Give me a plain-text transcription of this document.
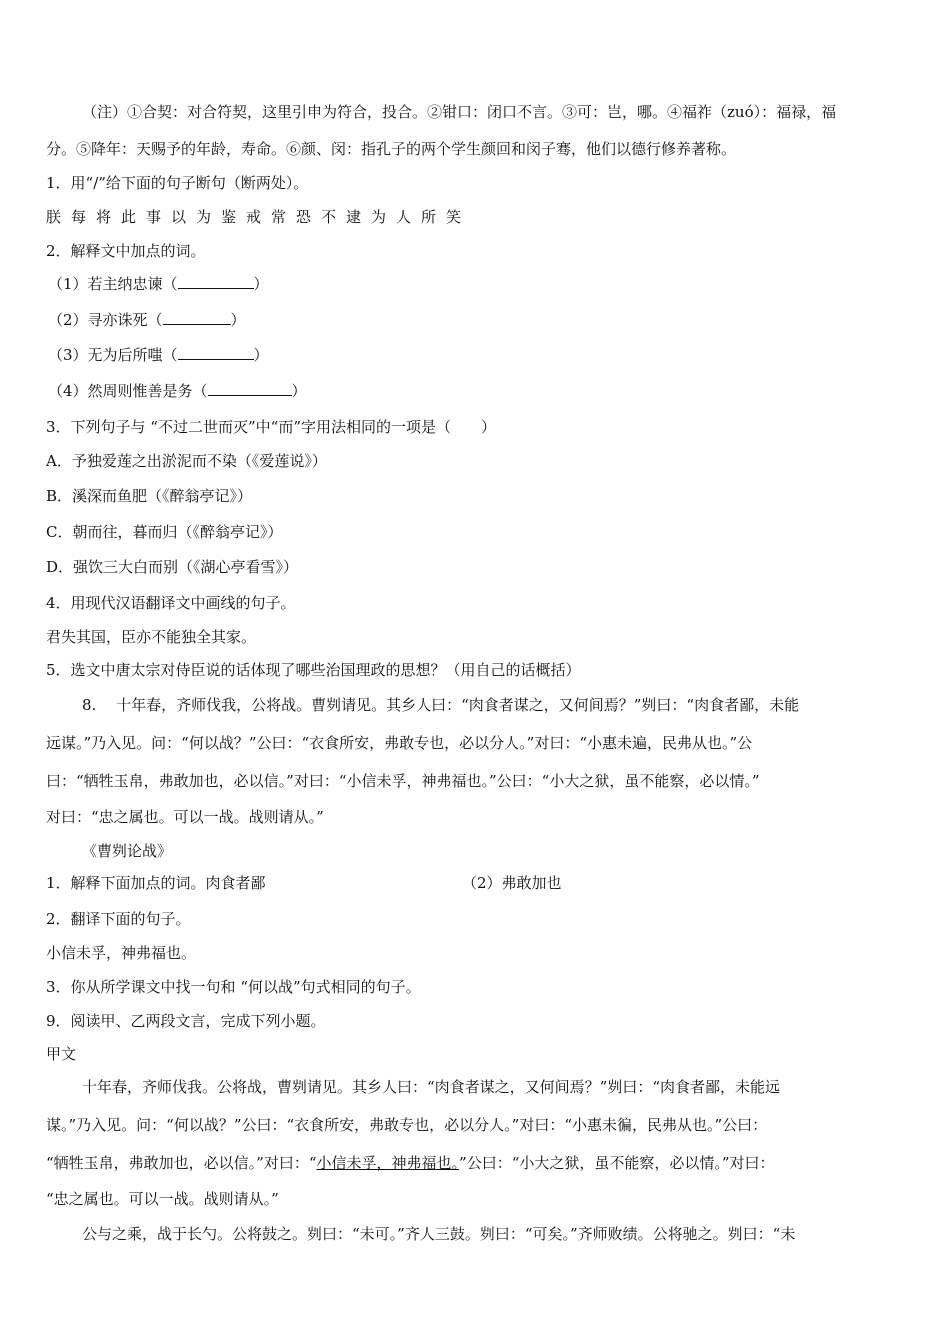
（注）①合契：对合符契，这里引申为符合，投合。②钳口：闭口不言。③可：岂，哪。④福祚（zuó）：福禄，福
分。⑤降年：天赐予的年龄，寿命。⑥颜、闵：指孔子的两个学生颜回和闵子骞，他们以德行修养著称。
1．用“/”给下面的句子断句（断两处）。
朕每将此事以为鉴戒常恐不逮为人所笑
2．解释文中加点的词。
（1）若主纳忠谏（	）
（2）寻亦诛死（	）
（3）无为后所嗤（	）
（4）然周则惟善是务（	）
3．下列句子与 “不过二世而灭”中“而”字用法相同的一项是（　　）
A．予独爱莲之出淤泥而不染（《爱莲说》）
B．溪深而鱼肥（《醉翁亭记》）
C．朝而往，暮而归（《醉翁亭记》）
D．强饮三大白而别（《湖心亭看雪》）
4．用现代汉语翻译文中画线的句子。
君失其国，臣亦不能独全其家。
5．选文中唐太宗对侍臣说的话体现了哪些治国理政的思想？（用自己的话概括）
8.　 十年春，齐师伐我，公将战。曹刿请见。其乡人曰：“肉食者谋之，又何间焉？”刿曰：“肉食者鄙，未能
远谋。”乃入见。问：“何以战？”公曰：“衣食所安，弗敢专也，必以分人。”对曰：“小惠未遍，民弗从也。”公
曰：“牺牲玉帛，弗敢加也，必以信。”对曰：“小信未孚，神弗福也。”公曰：“小大之狱，虽不能察，必以情。”
对曰：“忠之属也。可以一战。战则请从。”
《曹刿论战》
1．解释下面加点的词。肉食者鄙	（2）弗敢加也
2．翻译下面的句子。
小信未孚，神弗福也。
3．你从所学课文中找一句和 “何以战”句式相同的句子。
9．阅读甲、乙两段文言，完成下列小题。
甲文
十年春，齐师伐我。公将战，曹刿请见。其乡人曰：“肉食者谋之，又何间焉？”刿曰：“肉食者鄙，未能远
谋。”乃入见。问：“何以战？”公曰：“衣食所安，弗敢专也，必以分人。”对曰：“小惠未徧，民弗从也。”公曰：
“牺牲玉帛，弗敢加也，必以信。”对曰：“小信未孚，神弗福也。”公曰：“小大之狱，虽不能察，必以情。”对曰：
“忠之属也。可以一战。战则请从。”
公与之乘，战于长勺。公将鼓之。刿曰：“未可。”齐人三鼓。刿曰：“可矣。”齐师败绩。公将驰之。刿曰：“未
